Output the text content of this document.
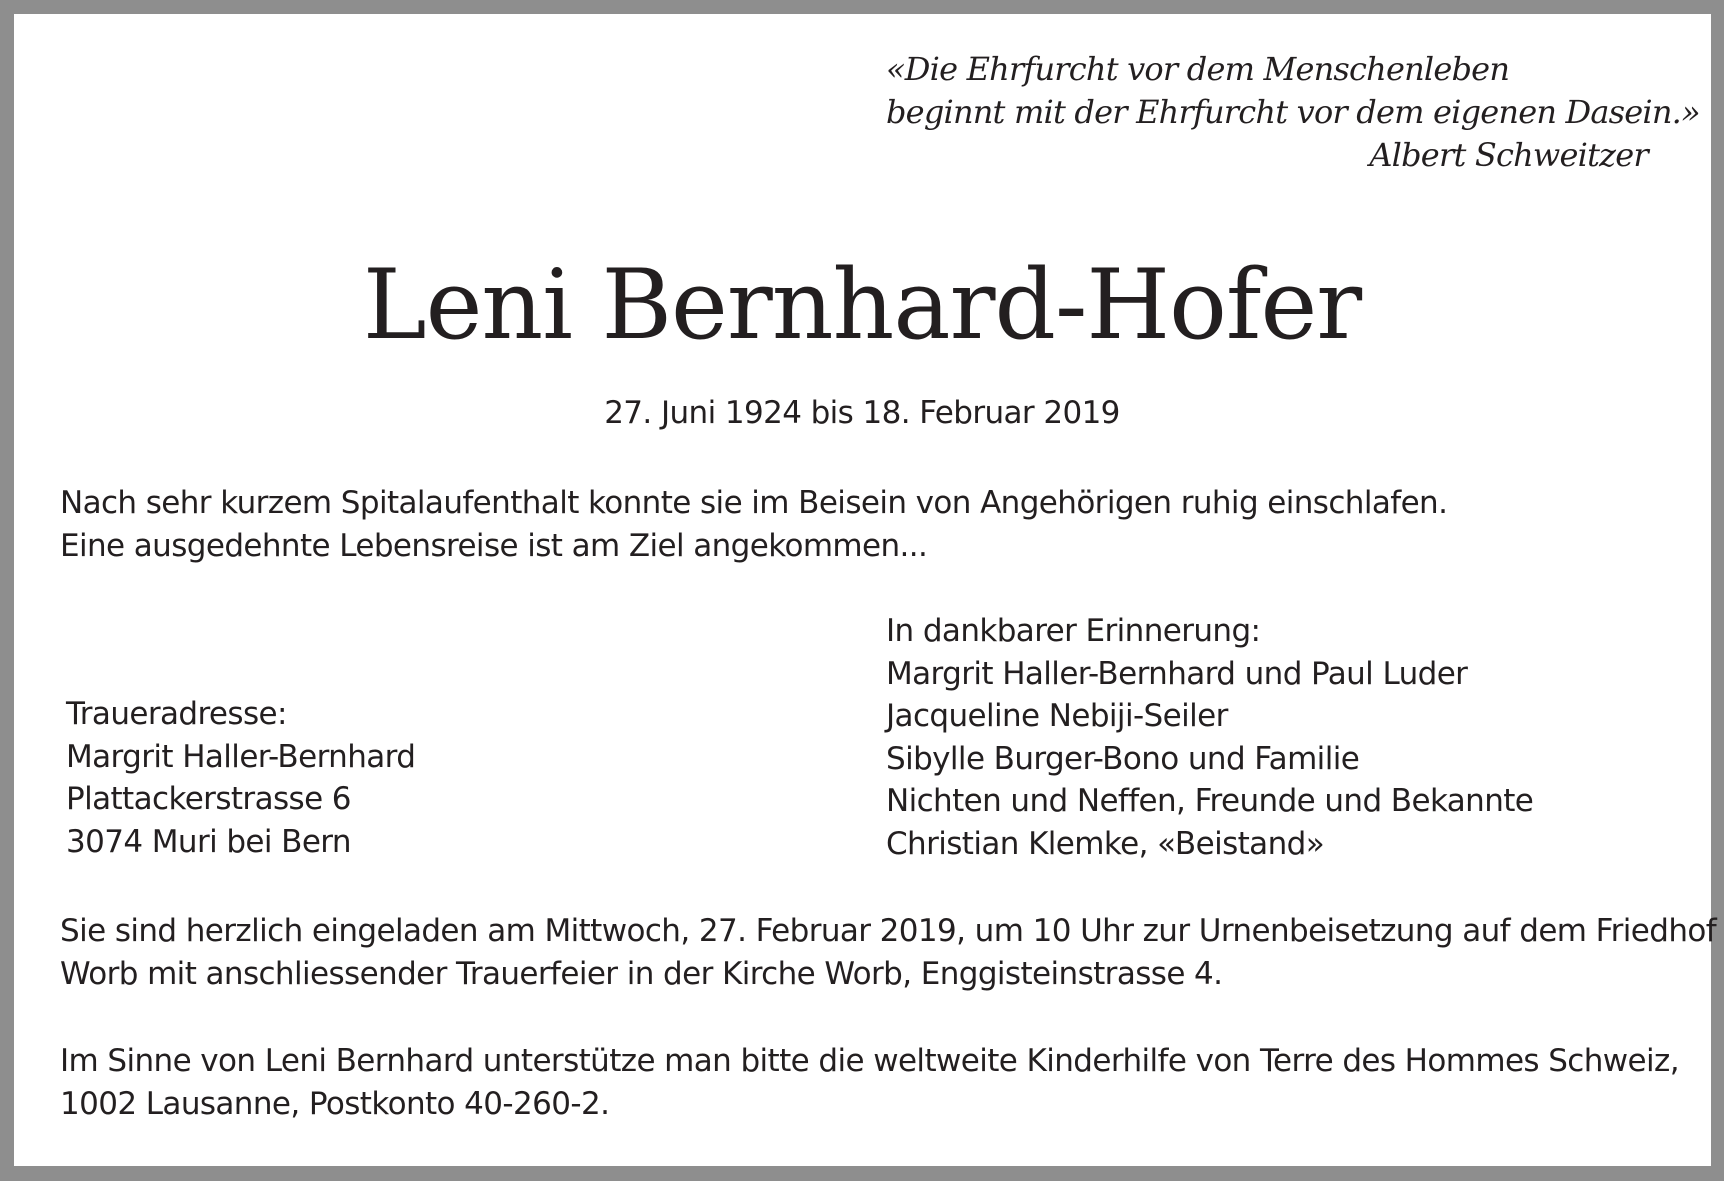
«Die Ehrfurcht vor dem Menschenleben
beginnt mit der Ehrfurcht vor dem eigenen Dasein.»
Albert Schweitzer
Leni Bernhard-Hofer
27. Juni 1924 bis 18. Februar 2019
Nach sehr kurzem Spitalaufenthalt konnte sie im Beisein von Angehörigen ruhig einschlafen.
Eine ausgedehnte Lebensreise ist am Ziel angekommen...
Traueradresse:
Margrit Haller-Bernhard
Plattackerstrasse 6
3074 Muri bei Bern
In dankbarer Erinnerung:
Margrit Haller-Bernhard und Paul Luder
Jacqueline Nebiji-Seiler
Sibylle Burger-Bono und Familie
Nichten und Neffen, Freunde und Bekannte
Christian Klemke, «Beistand»
Sie sind herzlich eingeladen am Mittwoch, 27. Februar 2019, um 10 Uhr zur Urnenbeisetzung auf dem Friedhof
Worb mit anschliessender Trauerfeier in der Kirche Worb, Enggisteinstrasse 4.
Im Sinne von Leni Bernhard unterstütze man bitte die weltweite Kinderhilfe von Terre des Hommes Schweiz,
1002 Lausanne, Postkonto 40-260-2.
